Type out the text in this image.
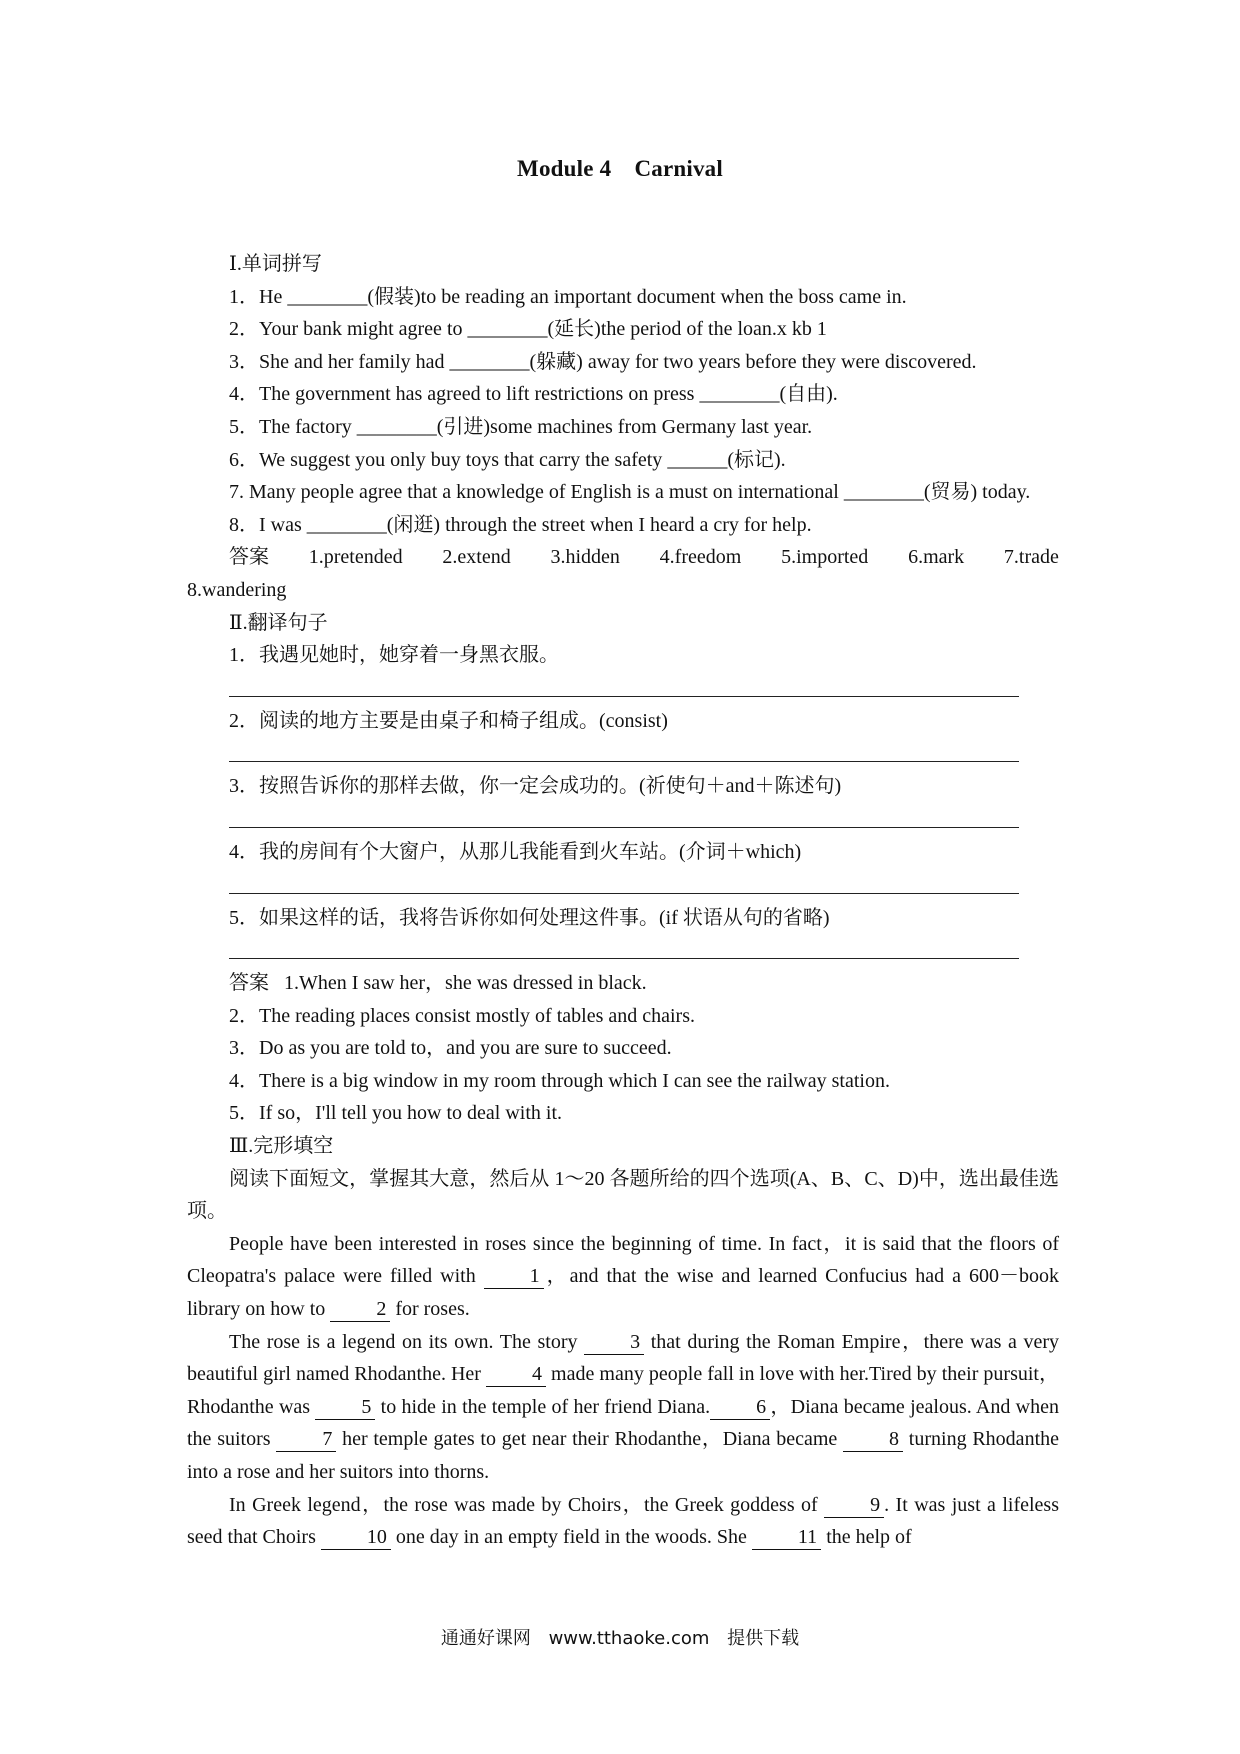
Module 4　Carnival
Ⅰ.单词拼写
1．He ________(假装)to be reading an important document when the boss came in.
2．Your bank might agree to ________(延长)the period of the loan.x kb 1
3．She and her family had ________(躲藏) away for two years before they were discovered.
4．The government has agreed to lift restrictions on press ________(自由).
5．The factory ________(引进)some machines from Germany last year.
6．We suggest you only buy toys that carry the safety ______(标记).
7. Many people agree that a knowledge of English is a must on international ________(贸易) today.
8．I was ________(闲逛) through the street when I heard a cry for help.
答案 1.pretended 2.extend 3.hidden 4.freedom 5.imported 6.mark 7.trade
8.wandering
Ⅱ.翻译句子
1．我遇见她时，她穿着一身黑衣服。
2．阅读的地方主要是由桌子和椅子组成。(consist)
3．按照告诉你的那样去做，你一定会成功的。(祈使句＋and＋陈述句)
4．我的房间有个大窗户，从那儿我能看到火车站。(介词＋which)
5．如果这样的话，我将告诉你如何处理这件事。(if 状语从句的省略)
答案 1.When I saw her，she was dressed in black.
2．The reading places consist mostly of tables and chairs.
3．Do as you are told to，and you are sure to succeed.
4．There is a big window in my room through which I can see the railway station.
5．If so，I'll tell you how to deal with it.
Ⅲ.完形填空
阅读下面短文，掌握其大意，然后从 1～20 各题所给的四个选项(A、B、C、D)中，选出最佳选项。
People have been interested in roses since the beginning of time. In fact，it is said that the floors of Cleopatra's palace were filled with 1 ，and that the wise and learned Confucius had a 600－book library on how to 2 for roses.
The rose is a legend on its own. The story 3 that during the Roman Empire，there was a very beautiful girl named Rhodanthe. Her 4 made many people fall in love with her.Tired by their pursuit，Rhodanthe was 5 to hide in the temple of her friend Diana. 6 ，Diana became jealous. And when the suitors 7 her temple gates to get near their Rhodanthe，Diana became 8 turning Rhodanthe into a rose and her suitors into thorns.
In Greek legend，the rose was made by Choirs，the Greek goddess of 9 . It was just a lifeless seed that Choirs 10 one day in an empty field in the woods. She 11 the help of
通通好课网 www.tthaoke.com 提供下载
